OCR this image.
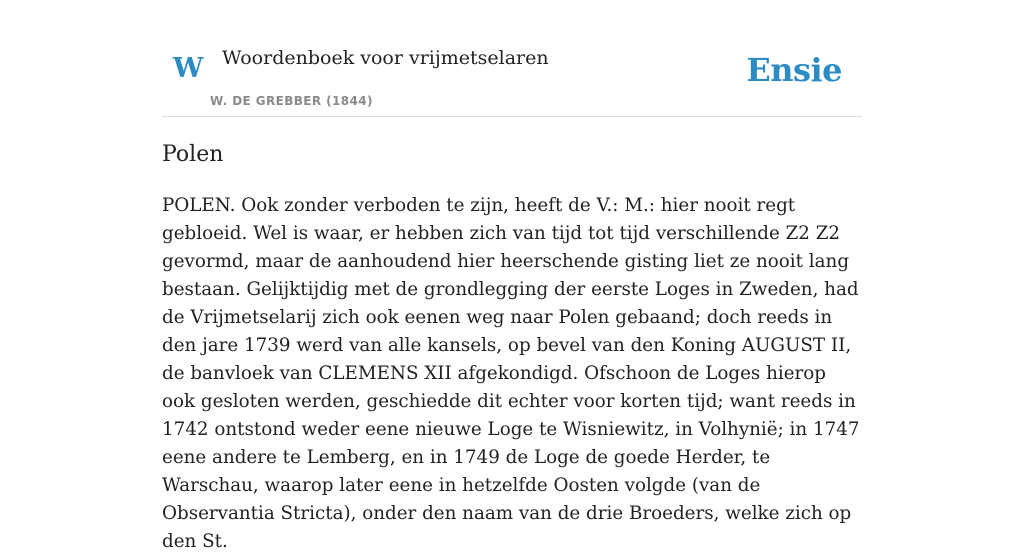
W Woordenboek voor vrijmetselaren
W. DE GREBBER (1844)
Ensie
Polen

POLEN. Ook zonder verboden te zijn, heeft de V.: M.: hier nooit regt gebloeid. Wel is waar, er hebben zich van tijd tot tijd verschillende Z2 Z2 gevormd, maar de aanhoudend hier heerschende gisting liet ze nooit lang bestaan. Gelijktijdig met de grondlegging der eerste Loges in Zweden, had de Vrijmetselarij zich ook eenen weg naar Polen gebaand; doch reeds in den jare 1739 werd van alle kansels, op bevel van den Koning AUGUST II, de banvloek van CLEMENS XII afgekondigd. Ofschoon de Loges hierop ook gesloten werden, geschiedde dit echter voor korten tijd; want reeds in 1742 ontstond weder eene nieuwe Loge te Wisniewitz, in Volhynië; in 1747 eene andere te Lemberg, en in 1749 de Loge de goede Herder, te Warschau, waarop later eene in hetzelfde Oosten volgde (van de Observantia Stricta), onder den naam van de drie Broeders, welke zich op den St.
